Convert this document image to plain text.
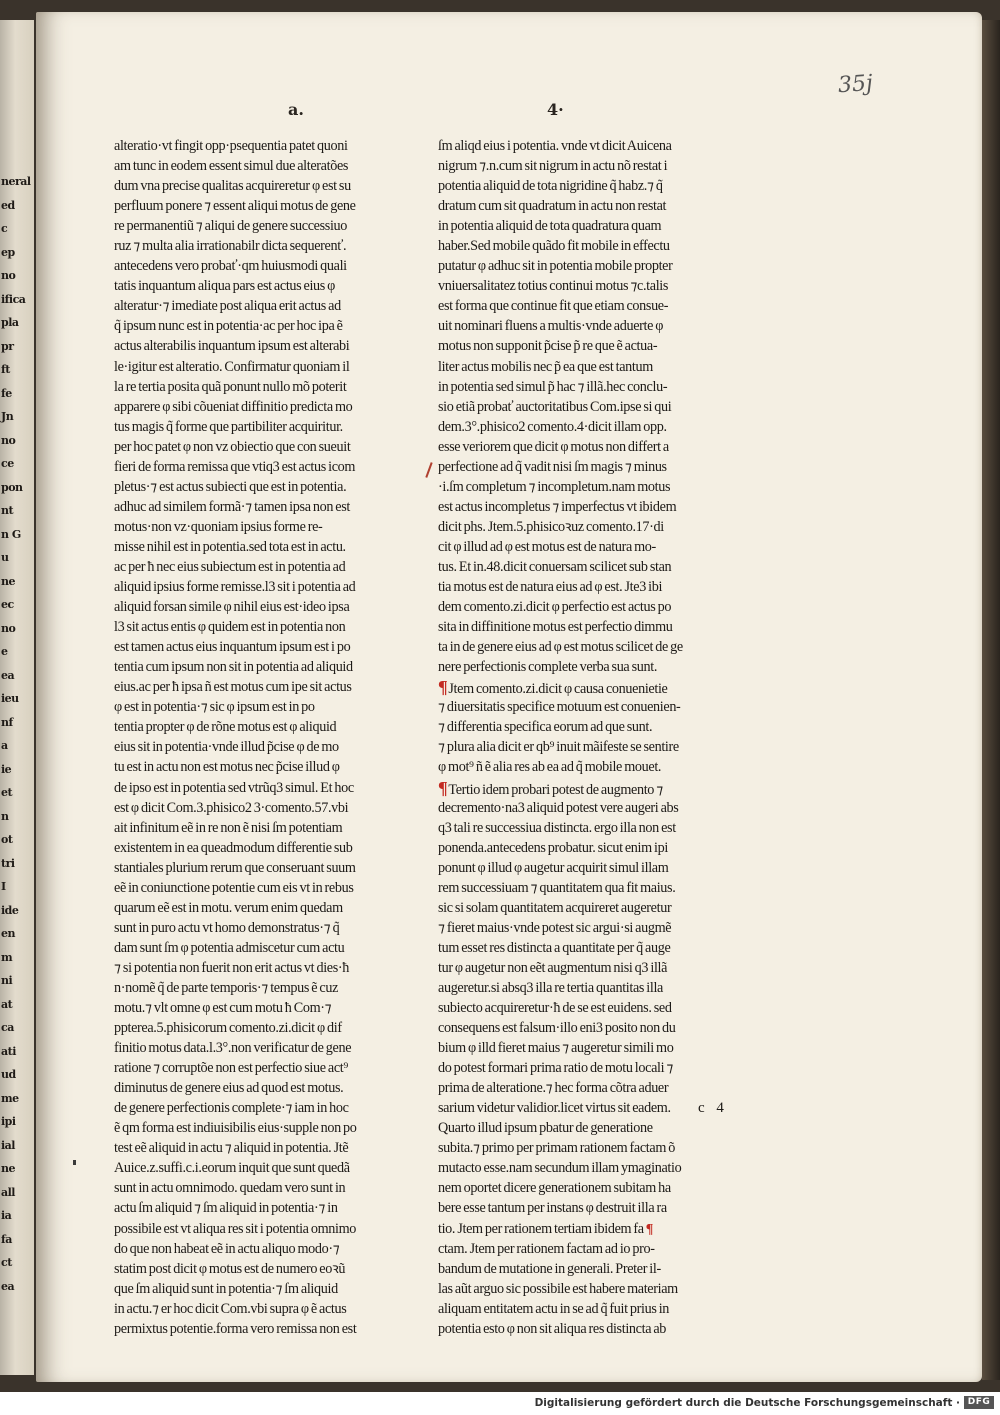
neral
ed
c
ep
no
ifica
pla
pr
ft
fe
Jn
no
ce
pon
nt
n G
u
ne
ec
no
e
ea
ieu
nf
a
ie
et
n
ot
tri
I
ide
en
m
ni
at
ca
ati
ud
me
ipi
ial
ne
all
ia
fa
ct
ea
35j
a.	4·
alteratio·vt fingit opp·psequentia patet quoni
am tunc in eodem essent simul due alteratões
dum vna precise qualitas acquireretur φ est su
perfluum ponere ⁊ essent aliqui motus de gene
re permanentiũ ⁊ aliqui de genere successiuo
ruz ⁊ multa alia irrationabilr dicta sequerenť.
antecedens vero probať·qm huiusmodi quali
tatis inquantum aliqua pars est actus eius φ
alteratur·⁊ imediate post aliqua erit actus ad
q̃ ipsum nunc est in potentia·ac per hoc ipa ẽ
actus alterabilis inquantum ipsum est alterabi
le·igitur est alteratio. Confirmatur quoniam il
la re tertia posita quã ponunt nullo mõ poterit
apparere φ sibi cõueniat diffinitio predicta mo
tus magis q̃ forme que partibiliter acquiritur.
per hoc patet φ non vz obiectio que con sueuit
fieri de forma remissa que vtiq3 est actus icom
pletus·⁊ est actus subiecti que est in potentia.
adhuc ad similem formã·⁊ tamen ipsa non est
motus·non vz·quoniam ipsius forme re-
misse nihil est in potentia.sed tota est in actu.
ac per ħ nec eius subiectum est in potentia ad
aliquid ipsius forme remisse.l3 sit i potentia ad
aliquid forsan simile φ nihil eius est·ideo ipsa
l3 sit actus entis φ quidem est in potentia non
est tamen actus eius inquantum ipsum est i po
tentia cum ipsum non sit in potentia ad aliquid
eius.ac per ħ ipsa ñ est motus cum ipe sit actus
φ est in potentia·⁊ sic φ ipsum est in po
tentia propter φ de rõne motus est φ aliquid
eius sit in potentia·vnde illud p̃cise φ de mo
tu est in actu non est motus nec p̃cise illud φ
de ipso est in potentia sed vtrũq3 simul. Et hoc
est φ dicit Com.3.phisico2 3·comento.57.vbi
ait infinitum eẽ in re non ẽ nisi ſm potentiam
existentem in ea queadmodum differentie sub
stantiales plurium rerum que conseruant suum
eẽ in coniunctione potentie cum eis vt in rebus
quarum eẽ est in motu. verum enim quedam
sunt in puro actu vt homo demonstratus·⁊ q̃
dam sunt ſm φ potentia admiscetur cum actu
⁊ si potentia non fuerit non erit actus vt dies·ħ
n·nomẽ q̃ de parte temporis·⁊ tempus ẽ cuz
motu.⁊ vlt omne φ est cum motu ħ Com·⁊
ppterea.5.phisicorum comento.zi.dicit φ dif
finitio motus data.l.3°.non verificatur de gene
ratione ⁊ corruptõe non est perfectio siue act⁹
diminutus de genere eius ad quod est motus.
de genere perfectionis complete·⁊ iam in hoc
ẽ qm forma est indiuisibilis eius·supple non po
test eẽ aliquid in actu ⁊ aliquid in potentia. Jtẽ
Auice.z.suffi.c.i.eorum inquit que sunt quedã
sunt in actu omnimodo. quedam vero sunt in
actu ſm aliquid ⁊ ſm aliquid in potentia·⁊ in
possibile est vt aliqua res sit i potentia omnimo
do que non habeat eẽ in actu aliquo modo·⁊
statim post dicit φ motus est de numero eoꝛũ
que ſm aliquid sunt in potentia·⁊ ſm aliquid
in actu.⁊ er hoc dicit Com.vbi supra φ ẽ actus
permixtus potentie.forma vero remissa non est
ſm aliqd eius i potentia. vnde vt dicit Auicena
nigrum ⁊.n.cum sit nigrum in actu nõ restat i
potentia aliquid de tota nigridine q̃ habz.⁊ q̃
dratum cum sit quadratum in actu non restat
in potentia aliquid de tota quadratura quam
haber.Sed mobile quãdo fit mobile in effectu
putatur φ adhuc sit in potentia mobile propter
vniuersalitatez totius continui motus ⁊c.talis
est forma que continue fit que etiam consue-
uit nominari fluens a multis·vnde aduerte φ
motus non supponit p̃cise p̃ re que ẽ actua-
liter actus mobilis nec p̃ ea que est tantum
in potentia sed simul p̃ hac ⁊ illã.hec conclu-
sio etiã probať auctoritatibus Com.ipse si qui
dem.3°.phisico2 comento.4·dicit illam opp.
esse veriorem que dicit φ motus non differt a
perfectione ad q̃ vadit nisi ſm magis ⁊ minus
·i.ſm completum ⁊ incompletum.nam motus
est actus incompletus ⁊ imperfectus vt ibidem
dicit phs. Jtem.5.phisicoꝛuz comento.17·di
cit φ illud ad φ est motus est de natura mo-
tus. Et in.48.dicit conuersam scilicet sub stan
tia motus est de natura eius ad φ est. Jte3 ibi
dem comento.zi.dicit φ perfectio est actus po
sita in diffinitione motus est perfectio dimmu
ta in de genere eius ad φ est motus scilicet de ge
nere perfectionis complete verba sua sunt.
¶Jtem comento.zi.dicit φ causa conuenietie
⁊ diuersitatis specifice motuum est conuenien-
⁊ differentia specifica eorum ad que sunt.
⁊ plura alia dicit er qb⁹ inuit mãifeste se sentire
φ mot⁹ ñ ẽ alia res ab ea ad q̃ mobile mouet.
¶Tertio idem probari potest de augmento ⁊
decremento·na3 aliquid potest vere augeri abs
q3 tali re successiua distincta. ergo illa non est
ponenda.antecedens probatur. sicut enim ipi
ponunt φ illud φ augetur acquirit simul illam
rem successiuam ⁊ quantitatem qua fit maius.
sic si solam quantitatem acquireret augeretur
⁊ fieret maius·vnde potest sic argui·si augmẽ
tum esset res distincta a quantitate per q̃ auge
tur φ augetur non eẽt augmentum nisi q3 illã
augeretur.si absq3 illa re tertia quantitas illa
subiecto acquireretur·ħ de se est euidens. sed
consequens est falsum·illo eni3 posito non du
bium φ illd fieret maius ⁊ augeretur simili mo
do potest formari prima ratio de motu locali ⁊
prima de alteratione.⁊ hec forma cõtra aduer
sarium videtur validior.licet virtus sit eadem.
Quarto illud ipsum pbatur de generatione
subita.⁊ primo per primam rationem factam õ
mutacto esse.nam secundum illam ymaginatio
nem oportet dicere generationem subitam ha
bere esse tantum per instans φ destruit illa ra
tio. Jtem per rationem tertiam ibidem fa ¶
ctam. Jtem per rationem factam ad io pro-
bandum de mutatione in generali. Preter il-
las aũt arguo sic possibile est habere materiam
aliquam entitatem actu in se ad q̃ fuit prius in
potentia esto φ non sit aliqua res distincta ab
c 4
Digitalisierung gefördert durch die Deutsche Forschungsgemeinschaft · DFG
